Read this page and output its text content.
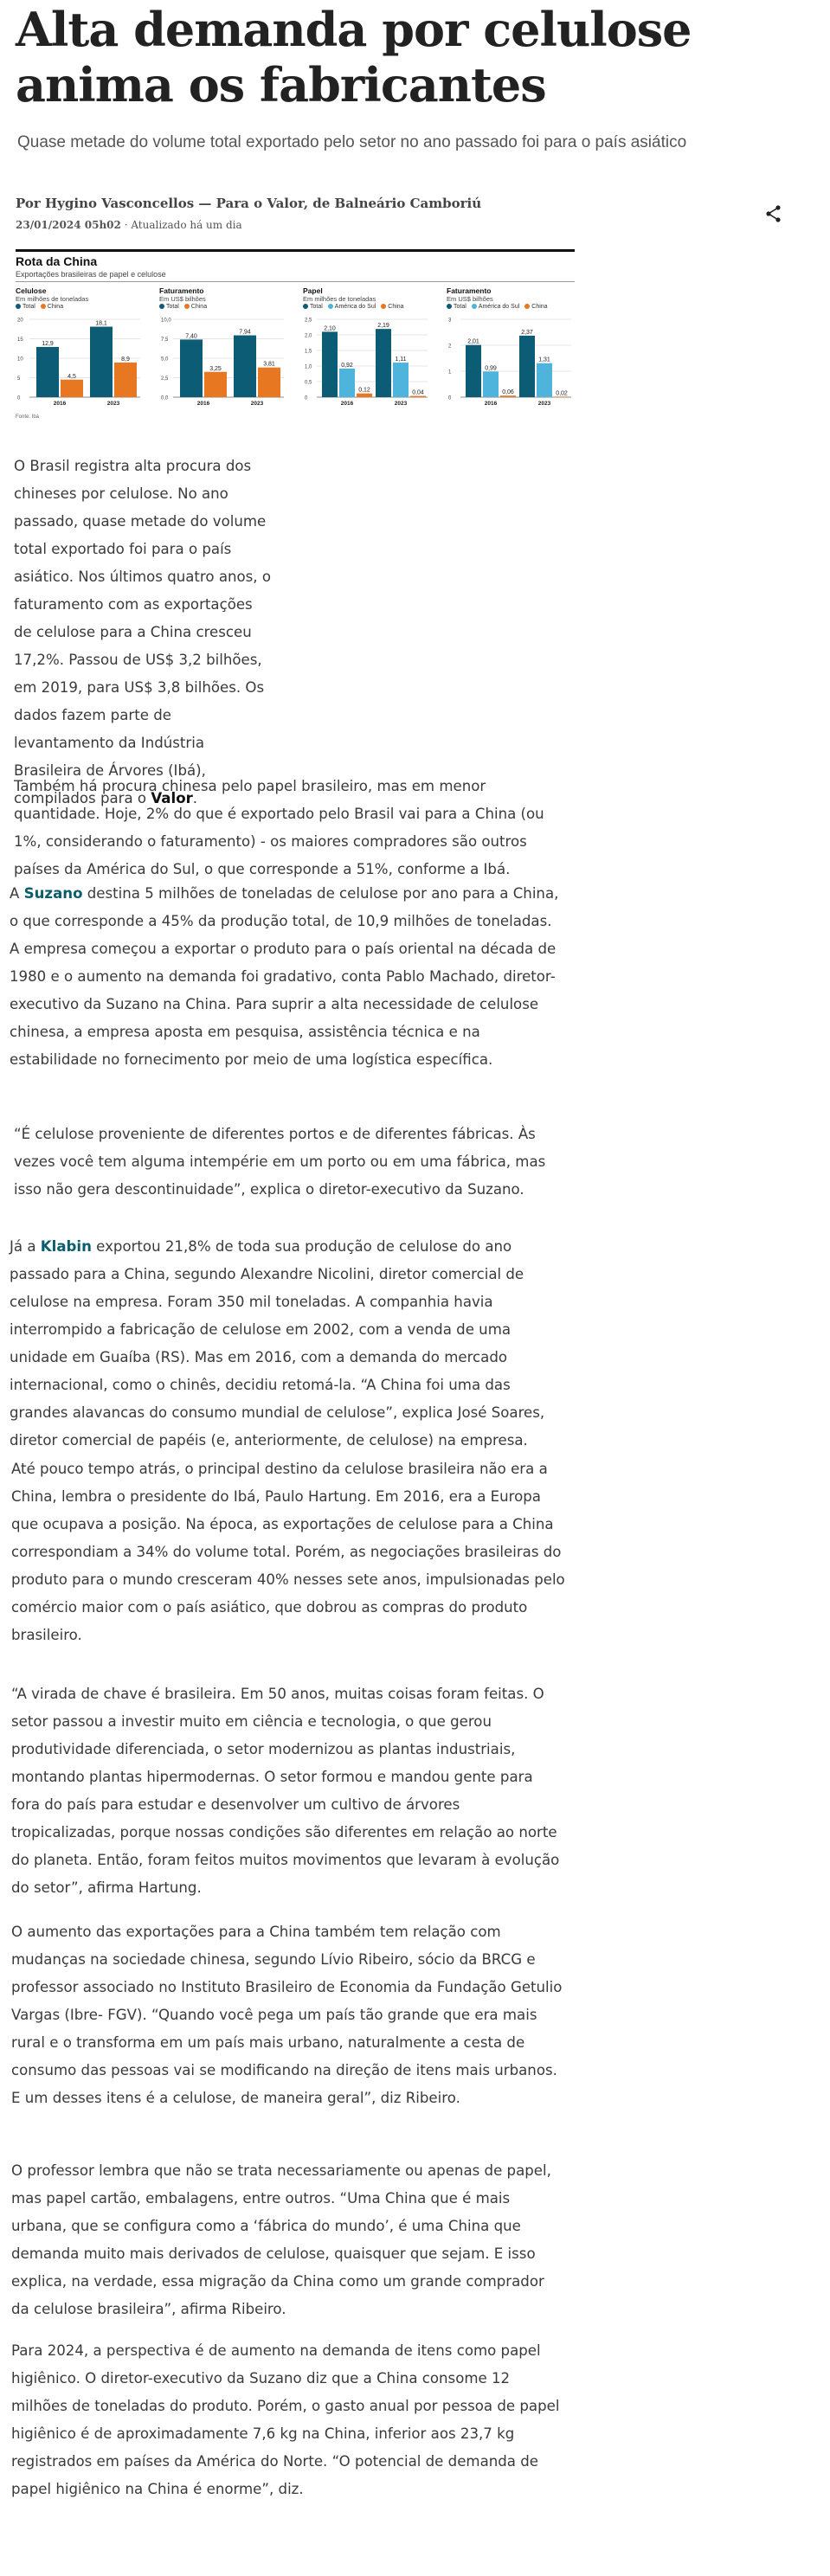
Alta demanda por celulose anima os fabricantes

Quase metade do volume total exportado pelo setor no ano passado foi para o país asiático

Por Hygino Vasconcellos — Para o Valor, de Balneário Camboriú
23/01/2024 05h02 · Atualizado há um dia
Rota da China
Exportações brasileiras de papel e celulose
Celulose
Em milhões de toneladas
Total China
20
15
10
5
0
12,9
4,5
2016
18,1
8,9
2023
Faturamento
Em US$ bilhões
Total China
10,0
7,5
5,0
2,5
0,0
7,40
3,25
2016
7,94
3,81
2023
Papel
Em milhões de toneladas
Total América do Sul China
2,5
2,0
1,5
1,0
0,5
0
2,10
0,92
0,12
2016
2,19
1,11
0,04
2023
Faturamento
Em US$ bilhões
Total América do Sul China
3
2
1
0
2,01
0,99
0,06
2016
2,37
1,31
0,02
2023
Fonte: Ibá

O Brasil registra alta procura dos chineses por celulose. No ano passado, quase metade do volume total exportado foi para o país asiático. Nos últimos quatro anos, o faturamento com as exportações de celulose para a China cresceu 17,2%. Passou de US$ 3,2 bilhões, em 2019, para US$ 3,8 bilhões. Os dados fazem parte de levantamento da Indústria Brasileira de Árvores (Ibá), compilados para o Valor.

Também há procura chinesa pelo papel brasileiro, mas em menor quantidade. Hoje, 2% do que é exportado pelo Brasil vai para a China (ou 1%, considerando o faturamento) - os maiores compradores são outros países da América do Sul, o que corresponde a 51%, conforme a Ibá.

A Suzano destina 5 milhões de toneladas de celulose por ano para a China, o que corresponde a 45% da produção total, de 10,9 milhões de toneladas. A empresa começou a exportar o produto para o país oriental na década de 1980 e o aumento na demanda foi gradativo, conta Pablo Machado, diretor-executivo da Suzano na China. Para suprir a alta necessidade de celulose chinesa, a empresa aposta em pesquisa, assistência técnica e na estabilidade no fornecimento por meio de uma logística específica.

“É celulose proveniente de diferentes portos e de diferentes fábricas. Às vezes você tem alguma intempérie em um porto ou em uma fábrica, mas isso não gera descontinuidade”, explica o diretor-executivo da Suzano.

Já a Klabin exportou 21,8% de toda sua produção de celulose do ano passado para a China, segundo Alexandre Nicolini, diretor comercial de celulose na empresa. Foram 350 mil toneladas. A companhia havia interrompido a fabricação de celulose em 2002, com a venda de uma unidade em Guaíba (RS). Mas em 2016, com a demanda do mercado internacional, como o chinês, decidiu retomá-la. “A China foi uma das grandes alavancas do consumo mundial de celulose”, explica José Soares, diretor comercial de papéis (e, anteriormente, de celulose) na empresa.

Até pouco tempo atrás, o principal destino da celulose brasileira não era a China, lembra o presidente do Ibá, Paulo Hartung. Em 2016, era a Europa que ocupava a posição. Na época, as exportações de celulose para a China correspondiam a 34% do volume total. Porém, as negociações brasileiras do produto para o mundo cresceram 40% nesses sete anos, impulsionadas pelo comércio maior com o país asiático, que dobrou as compras do produto brasileiro.

“A virada de chave é brasileira. Em 50 anos, muitas coisas foram feitas. O setor passou a investir muito em ciência e tecnologia, o que gerou produtividade diferenciada, o setor modernizou as plantas industriais, montando plantas hipermodernas. O setor formou e mandou gente para fora do país para estudar e desenvolver um cultivo de árvores tropicalizadas, porque nossas condições são diferentes em relação ao norte do planeta. Então, foram feitos muitos movimentos que levaram à evolução do setor”, afirma Hartung.

O aumento das exportações para a China também tem relação com mudanças na sociedade chinesa, segundo Lívio Ribeiro, sócio da BRCG e professor associado no Instituto Brasileiro de Economia da Fundação Getulio Vargas (Ibre- FGV). “Quando você pega um país tão grande que era mais rural e o transforma em um país mais urbano, naturalmente a cesta de consumo das pessoas vai se modificando na direção de itens mais urbanos. E um desses itens é a celulose, de maneira geral”, diz Ribeiro.

O professor lembra que não se trata necessariamente ou apenas de papel, mas papel cartão, embalagens, entre outros. “Uma China que é mais urbana, que se configura como a ‘fábrica do mundo’, é uma China que demanda muito mais derivados de celulose, quaisquer que sejam. E isso explica, na verdade, essa migração da China como um grande comprador da celulose brasileira”, afirma Ribeiro.

Para 2024, a perspectiva é de aumento na demanda de itens como papel higiênico. O diretor-executivo da Suzano diz que a China consome 12 milhões de toneladas do produto. Porém, o gasto anual por pessoa de papel higiênico é de aproximadamente 7,6 kg na China, inferior aos 23,7 kg registrados em países da América do Norte. “O potencial de demanda de papel higiênico na China é enorme”, diz.
